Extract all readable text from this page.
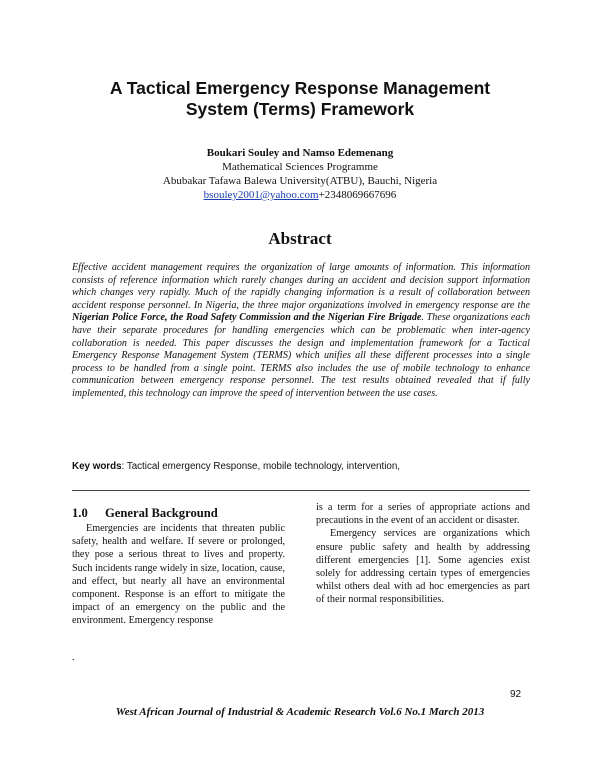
A Tactical Emergency Response Management
System (Terms) Framework
Boukari Souley and Namso Edemenang
Mathematical Sciences Programme
Abubakar Tafawa Balewa University(ATBU), Bauchi, Nigeria
bsouley2001@yahoo.com+2348069667696
Abstract
Effective accident management requires the organization of large amounts of information. This information consists of reference information which rarely changes during an accident and decision support information which changes very rapidly. Much of the rapidly changing information is a result of collaboration between accident response personnel. In Nigeria, the three major organizations involved in emergency response are the Nigerian Police Force, the Road Safety Commission and the Nigerian Fire Brigade. These organizations each have their separate procedures for handling emergencies which can be problematic when inter-agency collaboration is needed. This paper discusses the design and implementation framework for a Tactical Emergency Response Management System (TERMS) which unifies all these different processes into a single process to be handled from a single point. TERMS also includes the use of mobile technology to enhance communication between emergency response personnel. The test results obtained revealed that if fully implemented, this technology can improve the speed of intervention between the use cases.
Key words: Tactical emergency Response, mobile technology, intervention,
1.0 General Background

Emergencies are incidents that threaten public safety, health and welfare. If severe or prolonged, they pose a serious threat to lives and property. Such incidents range widely in size, location, cause, and effect, but nearly all have an environmental component. Response is an effort to mitigate the impact of an emergency on the public and the environment. Emergency response

is a term for a series of appropriate actions and precautions in the event of an accident or disaster.

Emergency services are organizations which ensure public safety and health by addressing different emergencies [1]. Some agencies exist solely for addressing certain types of emergencies whilst others deal with ad hoc emergencies as part of their normal responsibilities.

.
92
West African Journal of Industrial & Academic Research Vol.6 No.1 March 2013
